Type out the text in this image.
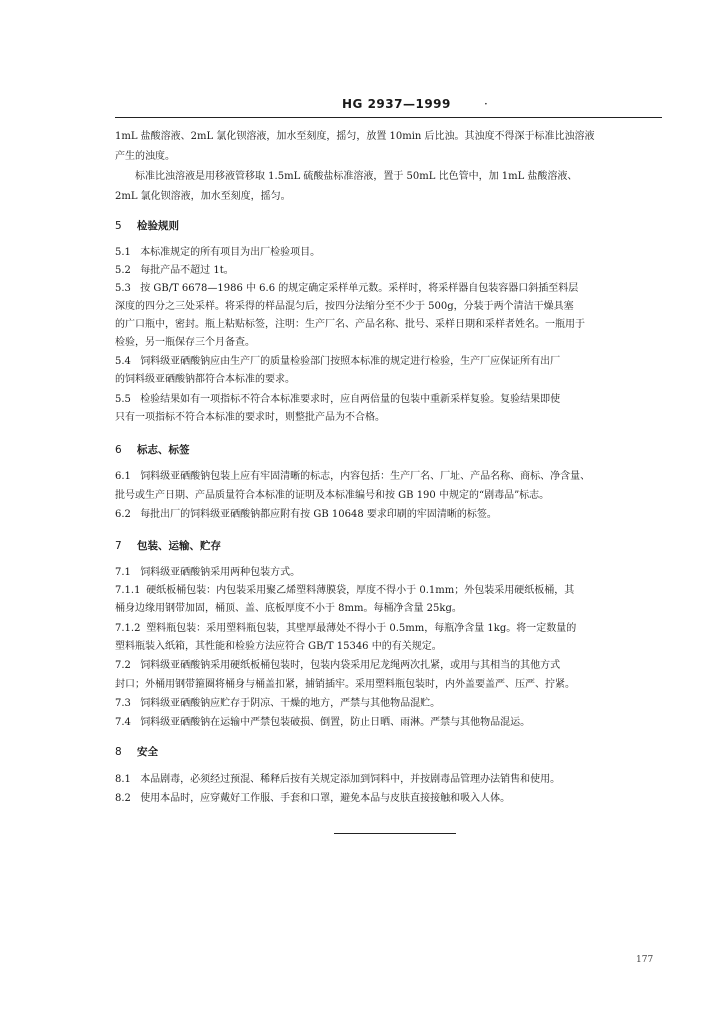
HG 2937—1999	·
1mL 盐酸溶液、2mL 氯化钡溶液，加水至刻度，摇匀，放置 10min 后比浊。其浊度不得深于标准比浊溶液
产生的浊度。
标准比浊溶液是用移液管移取 1.5mL 硫酸盐标准溶液，置于 50mL 比色管中，加 1mL 盐酸溶液、
2mL 氯化钡溶液，加水至刻度，摇匀。
5 检验规则
5.1 本标准规定的所有项目为出厂检验项目。
5.2 每批产品不超过 1t。
5.3 按 GB/T 6678—1986 中 6.6 的规定确定采样单元数。采样时，将采样器自包装容器口斜插至料层
深度的四分之三处采样。将采得的样品混匀后，按四分法缩分至不少于 500g，分装于两个清洁干燥具塞
的广口瓶中，密封。瓶上粘贴标签，注明：生产厂名、产品名称、批号、采样日期和采样者姓名。一瓶用于
检验，另一瓶保存三个月备查。
5.4 饲料级亚硒酸钠应由生产厂的质量检验部门按照本标准的规定进行检验，生产厂应保证所有出厂
的饲料级亚硒酸钠都符合本标准的要求。
5.5 检验结果如有一项指标不符合本标准要求时，应自两倍量的包装中重新采样复验。复验结果即使
只有一项指标不符合本标准的要求时，则整批产品为不合格。
6 标志、标签
6.1 饲料级亚硒酸钠包装上应有牢固清晰的标志，内容包括：生产厂名、厂址、产品名称、商标、净含量、
批号或生产日期、产品质量符合本标准的证明及本标准编号和按 GB 190 中规定的“剧毒品”标志。
6.2 每批出厂的饲料级亚硒酸钠都应附有按 GB 10648 要求印刷的牢固清晰的标签。
7 包装、运输、贮存
7.1 饲料级亚硒酸钠采用两种包装方式。
7.1.1 硬纸板桶包装：内包装采用聚乙烯塑料薄膜袋，厚度不得小于 0.1mm；外包装采用硬纸板桶，其
桶身边缘用钢带加固，桶顶、盖、底板厚度不小于 8mm。每桶净含量 25kg。
7.1.2 塑料瓶包装：采用塑料瓶包装，其壁厚最薄处不得小于 0.5mm，每瓶净含量 1kg。将一定数量的
塑料瓶装入纸箱，其性能和检验方法应符合 GB/T 15346 中的有关规定。
7.2 饲料级亚硒酸钠采用硬纸板桶包装时，包装内袋采用尼龙绳两次扎紧，或用与其相当的其他方式
封口；外桶用钢带箍圈将桶身与桶盖扣紧，捕销插牢。采用塑料瓶包装时，内外盖要盖严、压严、拧紧。
7.3 饲料级亚硒酸钠应贮存于阴凉、干燥的地方，严禁与其他物品混贮。
7.4 饲料级亚硒酸钠在运输中严禁包装破损、倒置，防止日晒、雨淋。严禁与其他物品混运。
8 安全
8.1 本品剧毒，必须经过预混、稀释后按有关规定添加到饲料中，并按剧毒品管理办法销售和使用。
8.2 使用本品时，应穿戴好工作服、手套和口罩，避免本品与皮肤直接接触和吸入人体。
177
